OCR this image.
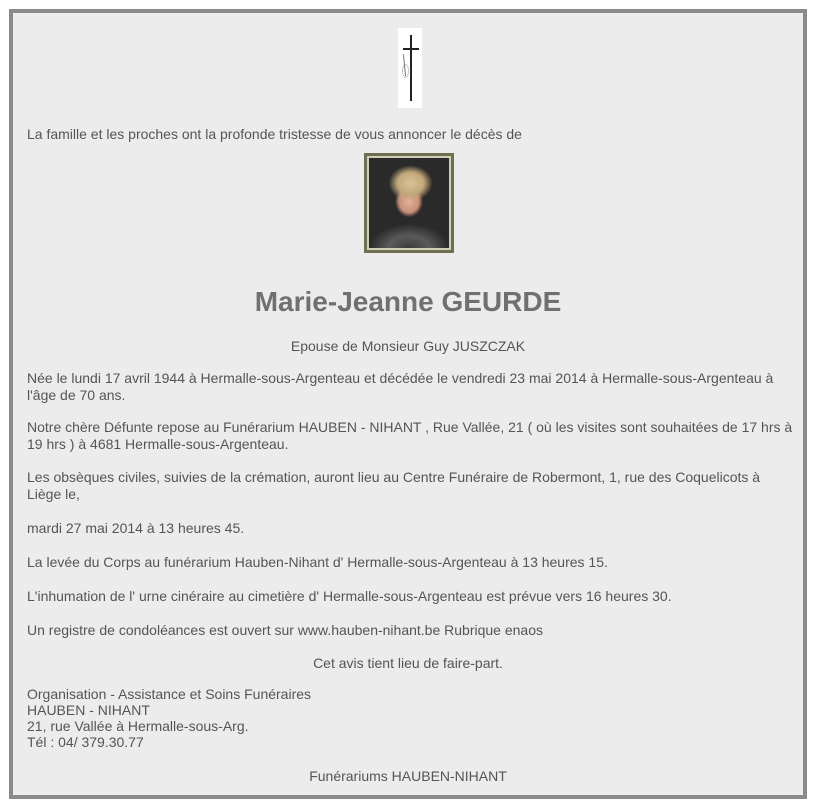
La famille et les proches ont la profonde tristesse de vous annoncer le décès de
Marie-Jeanne GEURDE
Epouse de Monsieur Guy JUSZCZAK
Née le lundi 17 avril 1944 à Hermalle-sous-Argenteau et décédée le vendredi 23 mai 2014 à Hermalle-sous-Argenteau à l'âge de 70 ans.
Notre chère Défunte repose au Funérarium HAUBEN - NIHANT , Rue Vallée, 21 ( où les visites sont souhaitées de 17 hrs à 19 hrs ) à 4681 Hermalle-sous-Argenteau.
Les obsèques civiles, suivies de la crémation, auront lieu au Centre Funéraire de Robermont, 1, rue des Coquelicots à Liège le,
mardi 27 mai 2014 à 13 heures 45.
La levée du Corps au funérarium Hauben-Nihant d' Hermalle-sous-Argenteau à 13 heures 15.
L'inhumation de l' urne cinéraire au cimetière d' Hermalle-sous-Argenteau est prévue vers 16 heures 30.
Un registre de condoléances est ouvert sur www.hauben-nihant.be Rubrique enaos
Cet avis tient lieu de faire-part.
Organisation - Assistance et Soins Funéraires
HAUBEN - NIHANT
21, rue Vallée à Hermalle-sous-Arg.
Tél : 04/ 379.30.77
Funérariums HAUBEN-NIHANT
